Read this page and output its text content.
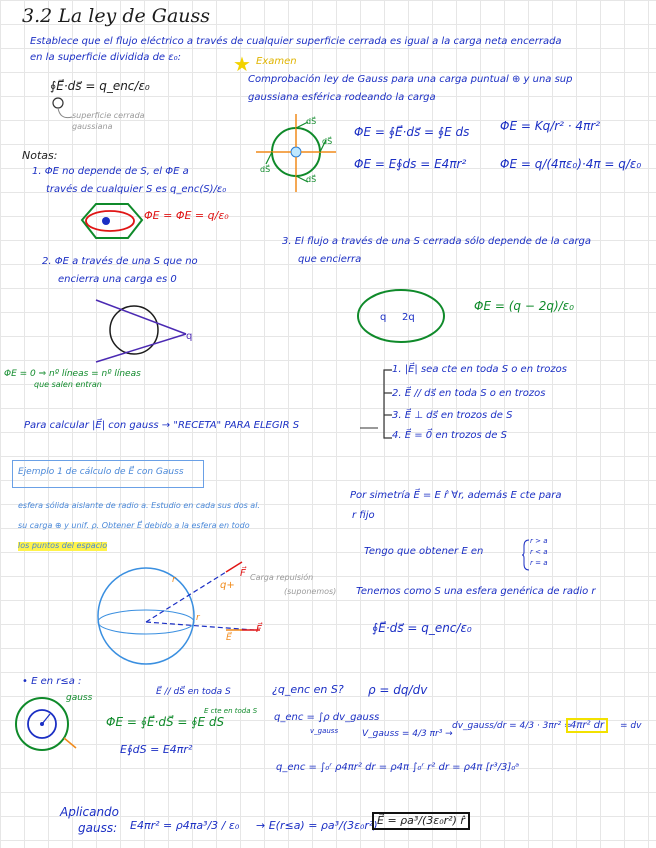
3.2 La ley de Gauss
Establece que el flujo eléctrico a través de cualquier superficie cerrada es igual a la carga neta encerrada
en la superficie dividida de ε₀:
∮E⃗·ds⃗ = q_enc/ε₀
superficie cerrada
gaussiana
★ Examen
Comprobación ley de Gauss para una carga puntual ⊕ y una sup
gaussiana esférica rodeando la carga
dS⃗
dS⃗
dS⃗
dS⃗
ΦE = ∮E⃗·ds⃗ = ∮E ds
ΦE = E∮ds = E4πr²
ΦE = Kq/r² · 4πr²
ΦE = q/(4πε₀)·4π = q/ε₀
Notas:
1. ΦE no depende de S, el ΦE a
través de cualquier S es q_enc(S)/ε₀
ΦE = ΦE = q/ε₀
2. ΦE a través de una S que no
encierra una carga es 0
q
ΦE = 0 ⇒ nº líneas = nº líneas
que salen entran
3. El flujo a través de una S cerrada sólo depende de la carga
que encierra
q 2q
ΦE = (q − 2q)/ε₀
1. |E⃗| sea cte en toda S o en trozos
2. E⃗ // ds⃗ en toda S o en trozos
3. E⃗ ⊥ ds⃗ en trozos de S
4. E⃗ = 0⃗ en trozos de S
Para calcular |E⃗| con gauss → "RECETA" PARA ELEGIR S
Ejemplo 1 de cálculo de E⃗ con Gauss
esfera sólida aislante de radio a. Estudio en cada sus dos al.
su carga ⊕ y unif. ρ. Obtener E⃗ debido a la esfera en todo
los puntos del espacio
r
r
q+
F⃗
F⃗
E⃗
Carga repulsión
(suponemos)
Por simetría E⃗ = E r̂ ∀r, además E cte para
r fijo
Tengo que obtener E en
r > a
r < a
r = a
Tenemos como S una esfera genérica de radio r
∮E⃗·ds⃗ = q_enc/ε₀
• E en r≤a :
gauss
E⃗ // dS⃗ en toda S
ΦE = ∮E⃗·dS⃗ = ∮E dS
E cte en toda S
E∮dS = E4πr²
¿q_enc en S? ρ = dq/dv
q_enc = ∫ρ dv_gauss
v_gauss	V_gauss = 4/3 πr³ →
dv_gauss/dr = 4/3 · 3πr² =
4πr² dr	= dv
q_enc = ∫₀ʳ ρ4πr² dr = ρ4π ∫₀ʳ r² dr = ρ4π [r³/3]₀ᵃ
Aplicando
gauss: E4πr² = ρ4πa³/3 / ε₀ → E(r≤a) = ρa³/(3ε₀r²) E⃗ = ρa³/(3ε₀r²) r̂
